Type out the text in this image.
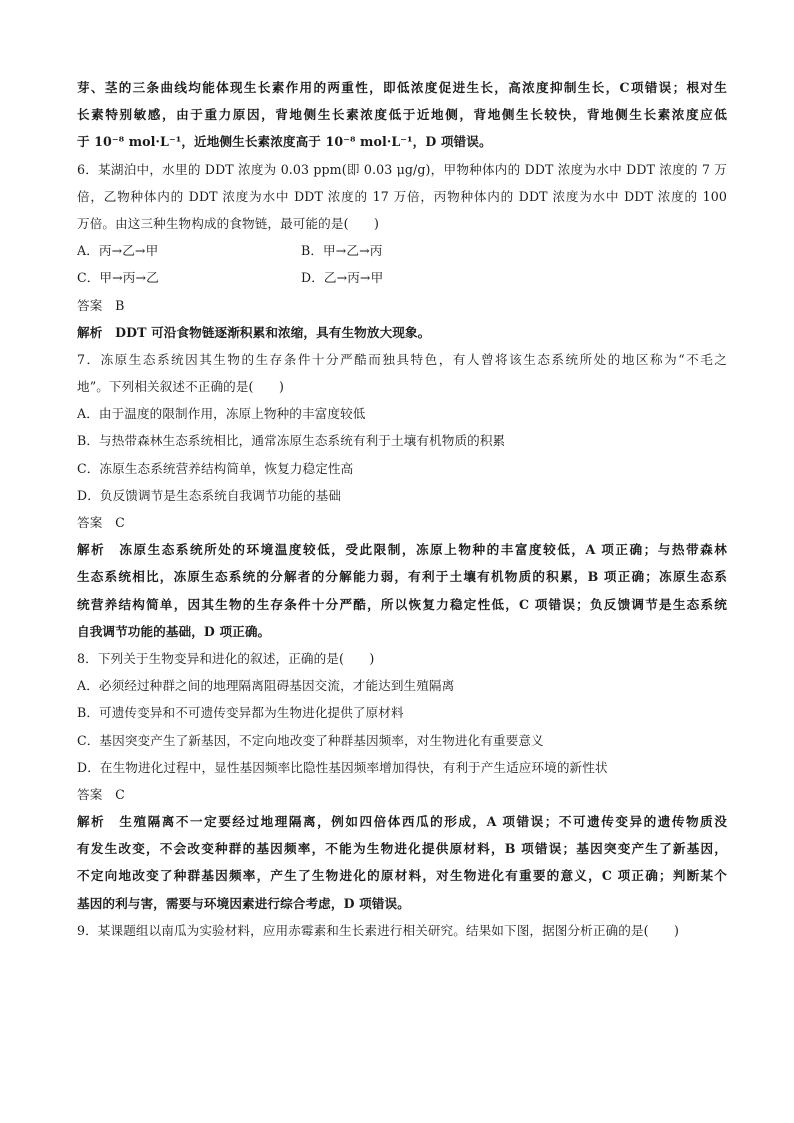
芽、茎的三条曲线均能体现生长素作用的两重性，即低浓度促进生长，高浓度抑制生长，C项错误；根对生
长素特别敏感，由于重力原因，背地侧生长素浓度低于近地侧，背地侧生长较快，背地侧生长素浓度应低
于 10⁻⁸ mol·L⁻¹，近地侧生长素浓度高于 10⁻⁸ mol·L⁻¹，D 项错误。
6．某湖泊中，水里的 DDT 浓度为 0.03 ppm(即 0.03 μg/g)，甲物种体内的 DDT 浓度为水中 DDT 浓度的 7 万
倍，乙物种体内的 DDT 浓度为水中 DDT 浓度的 17 万倍，丙物种体内的 DDT 浓度为水中 DDT 浓度的 100
万倍。由这三种生物构成的食物链，最可能的是(　　)
A．丙→乙→甲	B．甲→乙→丙
C．甲→丙→乙	D．乙→丙→甲
答案　B
解析　DDT 可沿食物链逐渐积累和浓缩，具有生物放大现象。
7．冻原生态系统因其生物的生存条件十分严酷而独具特色，有人曾将该生态系统所处的地区称为“不毛之
地”。下列相关叙述不正确的是(　　)
A．由于温度的限制作用，冻原上物种的丰富度较低
B．与热带森林生态系统相比，通常冻原生态系统有利于土壤有机物质的积累
C．冻原生态系统营养结构简单，恢复力稳定性高
D．负反馈调节是生态系统自我调节功能的基础
答案　C
解析　冻原生态系统所处的环境温度较低，受此限制，冻原上物种的丰富度较低，A 项正确；与热带森林
生态系统相比，冻原生态系统的分解者的分解能力弱，有利于土壤有机物质的积累，B 项正确；冻原生态系
统营养结构简单，因其生物的生存条件十分严酷，所以恢复力稳定性低，C 项错误；负反馈调节是生态系统
自我调节功能的基础，D 项正确。
8．下列关于生物变异和进化的叙述，正确的是(　　)
A．必须经过种群之间的地理隔离阻碍基因交流，才能达到生殖隔离
B．可遗传变异和不可遗传变异都为生物进化提供了原材料
C．基因突变产生了新基因，不定向地改变了种群基因频率，对生物进化有重要意义
D．在生物进化过程中，显性基因频率比隐性基因频率增加得快，有利于产生适应环境的新性状
答案　C
解析　生殖隔离不一定要经过地理隔离，例如四倍体西瓜的形成，A 项错误；不可遗传变异的遗传物质没
有发生改变，不会改变种群的基因频率，不能为生物进化提供原材料，B 项错误；基因突变产生了新基因，
不定向地改变了种群基因频率，产生了生物进化的原材料，对生物进化有重要的意义，C 项正确；判断某个
基因的利与害，需要与环境因素进行综合考虑，D 项错误。
9．某课题组以南瓜为实验材料，应用赤霉素和生长素进行相关研究。结果如下图，据图分析正确的是(　　)
